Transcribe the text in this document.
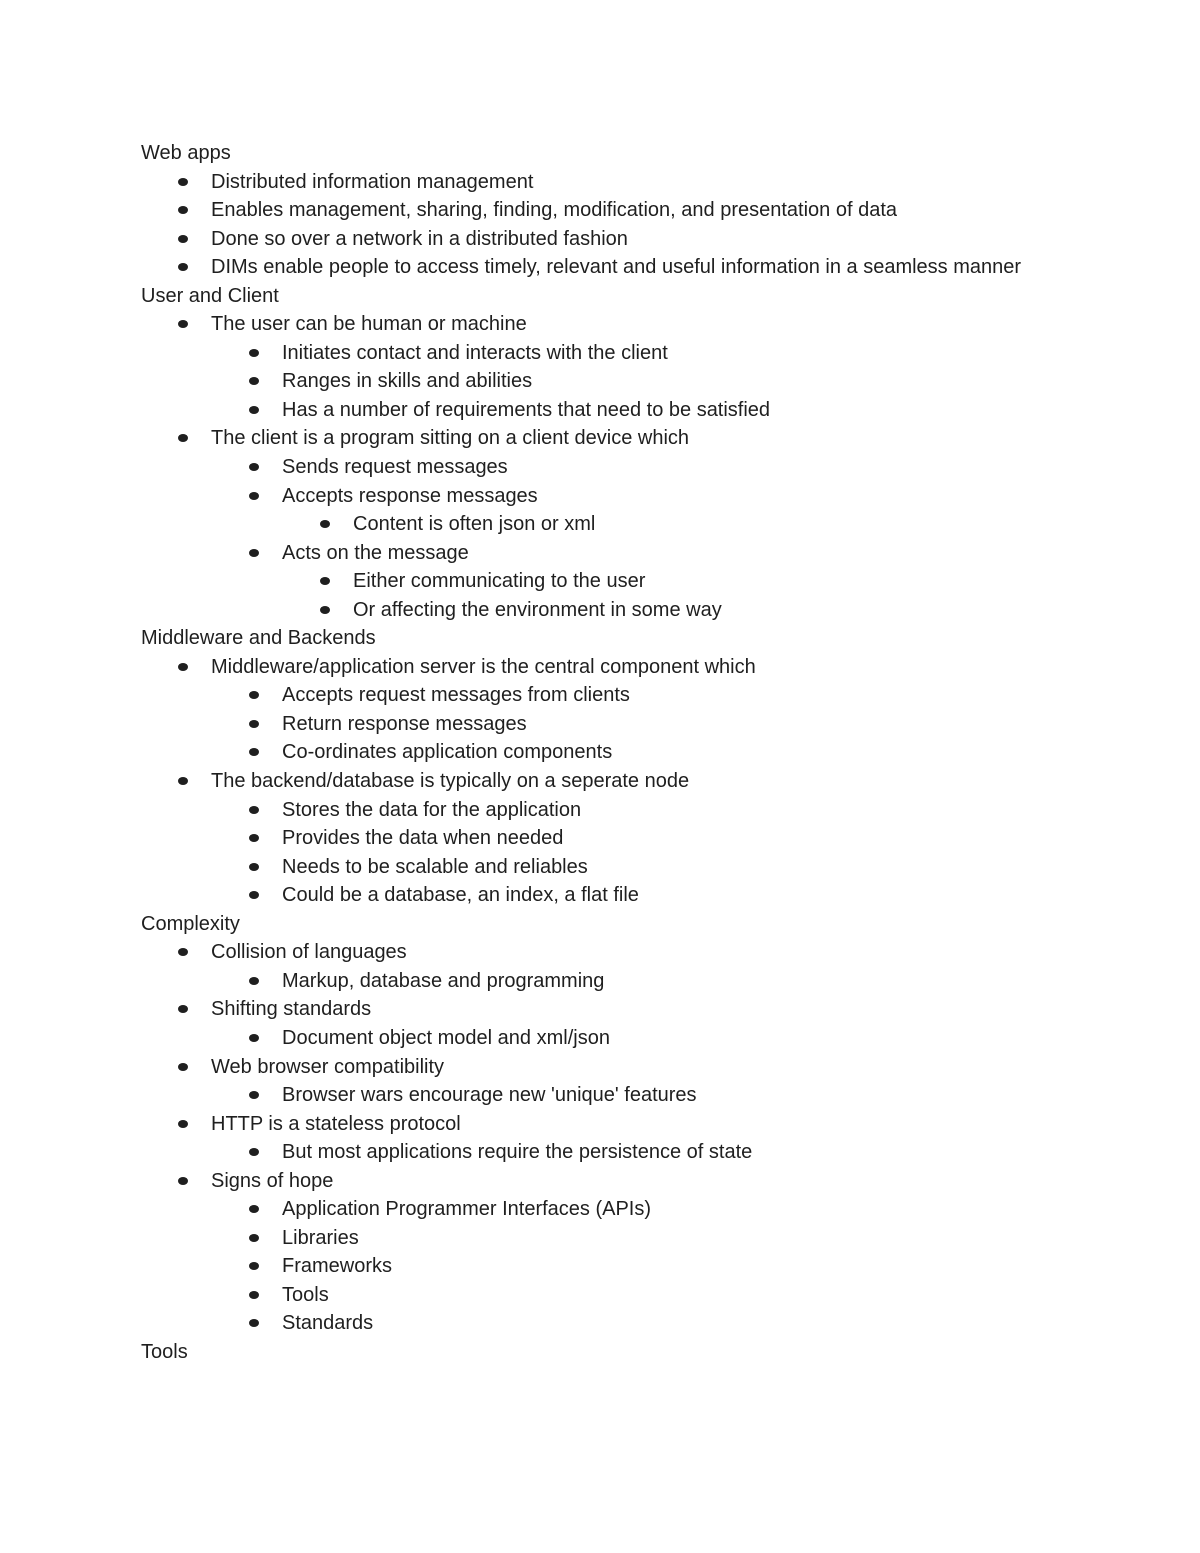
Web apps
Distributed information management
Enables management, sharing, finding, modification, and presentation of data
Done so over a network in a distributed fashion
DIMs enable people to access timely, relevant and useful information in a seamless manner
User and Client
The user can be human or machine
Initiates contact and interacts with the client
Ranges in skills and abilities
Has a number of requirements that need to be satisfied
The client is a program sitting on a client device which
Sends request messages
Accepts response messages
Content is often json or xml
Acts on the message
Either communicating to the user
Or affecting the environment in some way
Middleware and Backends
Middleware/application server is the central component which
Accepts request messages from clients
Return response messages
Co-ordinates application components
The backend/database is typically on a seperate node
Stores the data for the application
Provides the data when needed
Needs to be scalable and reliables
Could be a database, an index, a flat file
Complexity
Collision of languages
Markup, database and programming
Shifting standards
Document object model and xml/json
Web browser compatibility
Browser wars encourage new 'unique' features
HTTP is a stateless protocol
But most applications require the persistence of state
Signs of hope
Application Programmer Interfaces (APIs)
Libraries
Frameworks
Tools
Standards
Tools
